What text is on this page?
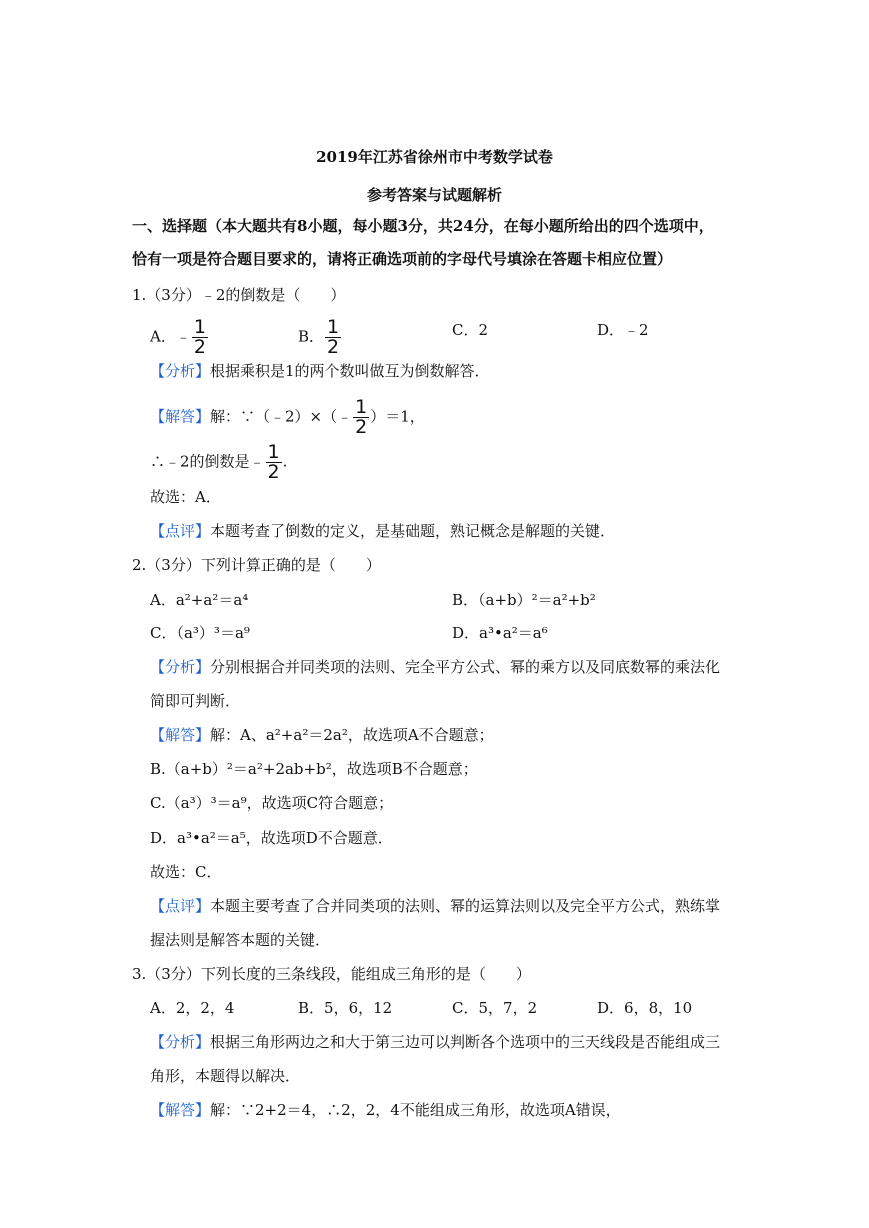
2019年江苏省徐州市中考数学试卷
参考答案与试题解析
一、选择题（本大题共有8小题，每小题3分，共24分，在每小题所给出的四个选项中，
恰有一项是符合题目要求的，请将正确选项前的字母代号填涂在答题卡相应位置）
1.（3分）﹣2的倒数是（　　）
A．﹣ $\frac{1}{2}$	B． $\frac{1}{2}$	C．2	D．﹣2
【分析】根据乘积是1的两个数叫做互为倒数解答．
【解答】解：∵（﹣2）×（﹣ $\frac{1}{2} )=1$，
∴﹣2的倒数是﹣ $\frac{1}{2}$ .
故选：A．
【点评】本题考查了倒数的定义，是基础题，熟记概念是解题的关键．
2.（3分）下列计算正确的是（　　）
A．a²+a²＝a⁴	B．（a+b）²＝a²+b²
C．（a³）³＝a⁹	D．a³•a²＝a⁶
【分析】分别根据合并同类项的法则、完全平方公式、幂的乘方以及同底数幂的乘法化
简即可判断．
【解答】解：A、a²+a²＝2a²，故选项A不合题意；
B.（a+b）²＝a²+2ab+b²，故选项B不合题意；
C.（a³）³＝a⁹，故选项C符合题意；
D．a³•a²＝a⁵，故选项D不合题意．
故选：C．
【点评】本题主要考查了合并同类项的法则、幂的运算法则以及完全平方公式，熟练掌
握法则是解答本题的关键．
3.（3分）下列长度的三条线段，能组成三角形的是（　　）
A．2，2，4	B．5，6，12	C．5，7，2	D．6，8，10
【分析】根据三角形两边之和大于第三边可以判断各个选项中的三天线段是否能组成三
角形，本题得以解决．
【解答】解：∵2+2＝4，∴2，2，4不能组成三角形，故选项A错误，
